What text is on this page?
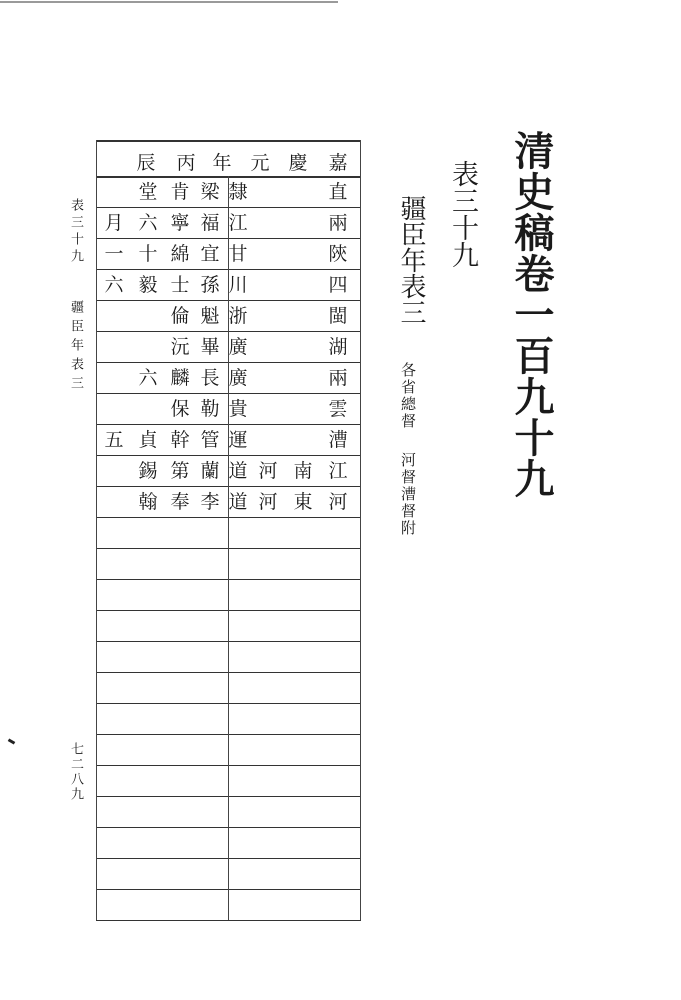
清史稿卷一百九十九
表三十九
疆臣年表三
各省總督
河督漕督附
表三十九
疆臣年表三
七二八九
嘉
慶
元
年
丙
辰
直
隸
梁
肯
堂
兩
江
福
寧
六
月
陝
甘
宜
綿
十
一
四
川
孫
士
毅
六
閩
浙
魁
倫
湖
廣
畢
沅
兩
廣
長
麟
六
雲
貴
勒
保
漕
運
管
幹
貞
五
江
南
河
道
蘭
第
錫
河
東
河
道
李
奉
翰
